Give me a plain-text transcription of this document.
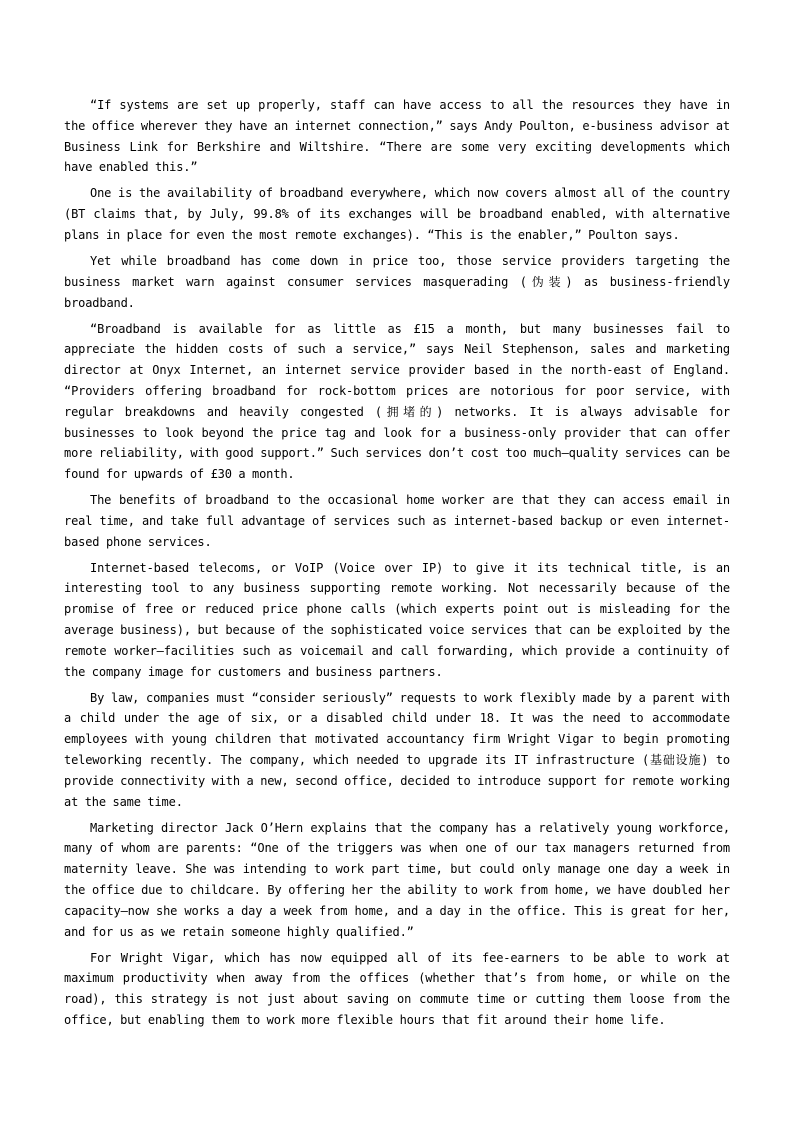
“If systems are set up properly, staff can have access to all the resources they have in the office wherever they have an internet connection,” says Andy Poulton, e-business advisor at Business Link for Berkshire and Wiltshire. “There are some very exciting developments which have enabled this.”

One is the availability of broadband everywhere, which now covers almost all of the country (BT claims that, by July, 99.8% of its exchanges will be broadband enabled, with alternative plans in place for even the most remote exchanges). “This is the enabler,” Poulton says.

Yet while broadband has come down in price too, those service providers targeting the business market warn against consumer services masquerading (伪装) as business-friendly broadband.

“Broadband is available for as little as £15 a month, but many businesses fail to appreciate the hidden costs of such a service,” says Neil Stephenson, sales and marketing director at Onyx Internet, an internet service provider based in the north-east of England. “Providers offering broadband for rock-bottom prices are notorious for poor service, with regular breakdowns and heavily congested (拥堵的) networks. It is always advisable for businesses to look beyond the price tag and look for a business-only provider that can offer more reliability, with good support.” Such services don’t cost too much—quality services can be found for upwards of £30 a month.

The benefits of broadband to the occasional home worker are that they can access email in real time, and take full advantage of services such as internet-based backup or even internet-based phone services.

Internet-based telecoms, or VoIP (Voice over IP) to give it its technical title, is an interesting tool to any business supporting remote working. Not necessarily because of the promise of free or reduced price phone calls (which experts point out is misleading for the average business), but because of the sophisticated voice services that can be exploited by the remote worker—facilities such as voicemail and call forwarding, which provide a continuity of the company image for customers and business partners.

By law, companies must “consider seriously” requests to work flexibly made by a parent with a child under the age of six, or a disabled child under 18. It was the need to accommodate employees with young children that motivated accountancy firm Wright Vigar to begin promoting teleworking recently. The company, which needed to upgrade its IT infrastructure (基础设施) to provide connectivity with a new, second office, decided to introduce support for remote working at the same time.

Marketing director Jack O’Hern explains that the company has a relatively young workforce, many of whom are parents: “One of the triggers was when one of our tax managers returned from maternity leave. She was intending to work part time, but could only manage one day a week in the office due to childcare. By offering her the ability to work from home, we have doubled her capacity—now she works a day a week from home, and a day in the office. This is great for her, and for us as we retain someone highly qualified.”

For Wright Vigar, which has now equipped all of its fee-earners to be able to work at maximum productivity when away from the offices (whether that’s from home, or while on the road), this strategy is not just about saving on commute time or cutting them loose from the office, but enabling them to work more flexible hours that fit around their home life.
